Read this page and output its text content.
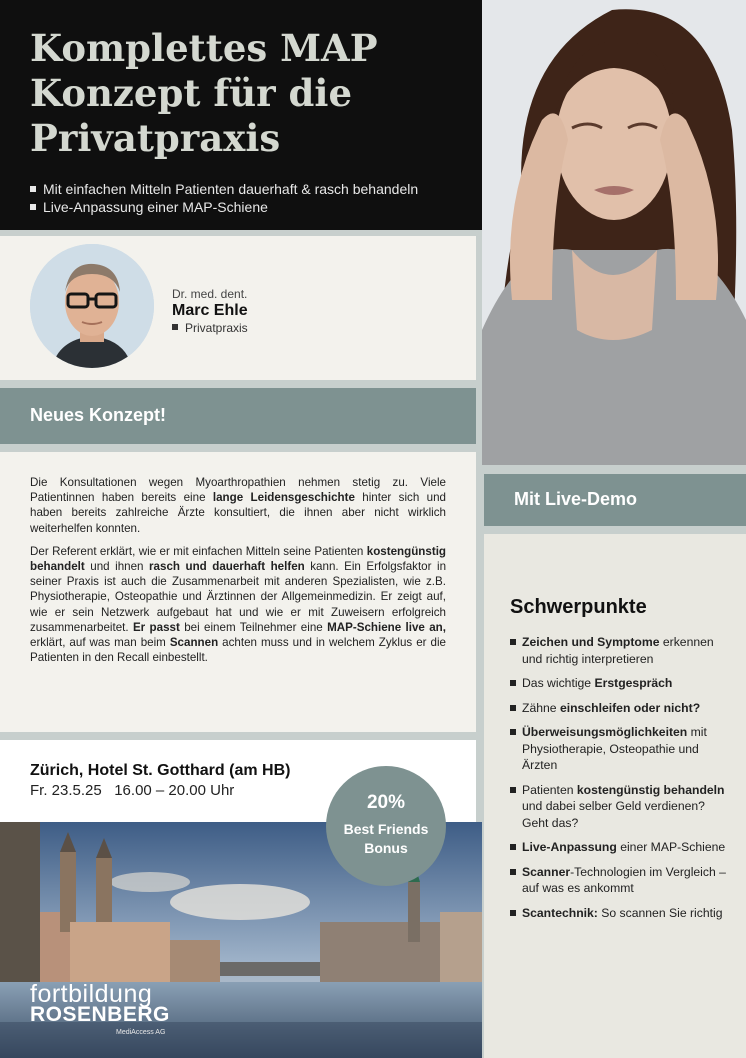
Komplettes MAP
Konzept für die
Privatpraxis
Mit einfachen Mitteln Patienten dauerhaft & rasch behandeln
Live-Anpassung einer MAP-Schiene
Dr. med. dent.
Marc Ehle
Privatpraxis
Neues Konzept!

Die Konsultationen wegen Myoarthropathien nehmen stetig zu. Viele Patientinnen haben bereits eine lange Leidensgeschichte hinter sich und haben bereits zahlreiche Ärzte konsultiert, die ihnen aber nicht wirklich weiterhelfen konnten.

Der Referent erklärt, wie er mit einfachen Mitteln seine Patienten kostengünstig behandelt und ihnen rasch und dauerhaft helfen kann. Ein Erfolgsfaktor in seiner Praxis ist auch die Zusammenarbeit mit anderen Spezialisten, wie z.B. Physiotherapie, Osteopathie und Ärztinnen der Allgemeinmedizin. Er zeigt auf, wie er sein Netzwerk aufgebaut hat und wie er mit Zuweisern erfolgreich zusammenarbeitet. Er passt bei einem Teilnehmer eine MAP-Schiene live an, erklärt, auf was man beim Scannen achten muss und in welchem Zyklus er die Patienten in den Recall einbestellt.

Zürich, Hotel St. Gotthard (am HB)
Fr. 23.5.25   16.00 – 20.00 Uhr
20%
Best Friends
Bonus
fortbildung
ROSENBERG
MediAccess AG
Mit Live-Demo
Schwerpunkte
Zeichen und Symptome erkennen und richtig interpretieren
Das wichtige Erstgespräch
Zähne einschleifen oder nicht?
Überweisungsmöglichkeiten mit Physiotherapie, Osteopathie und Ärzten
Patienten kostengünstig behandeln und dabei selber Geld verdienen? Geht das?
Live-Anpassung einer MAP-Schiene
Scanner-Technologien im Vergleich – auf was es ankommt
Scantechnik: So scannen Sie richtig
